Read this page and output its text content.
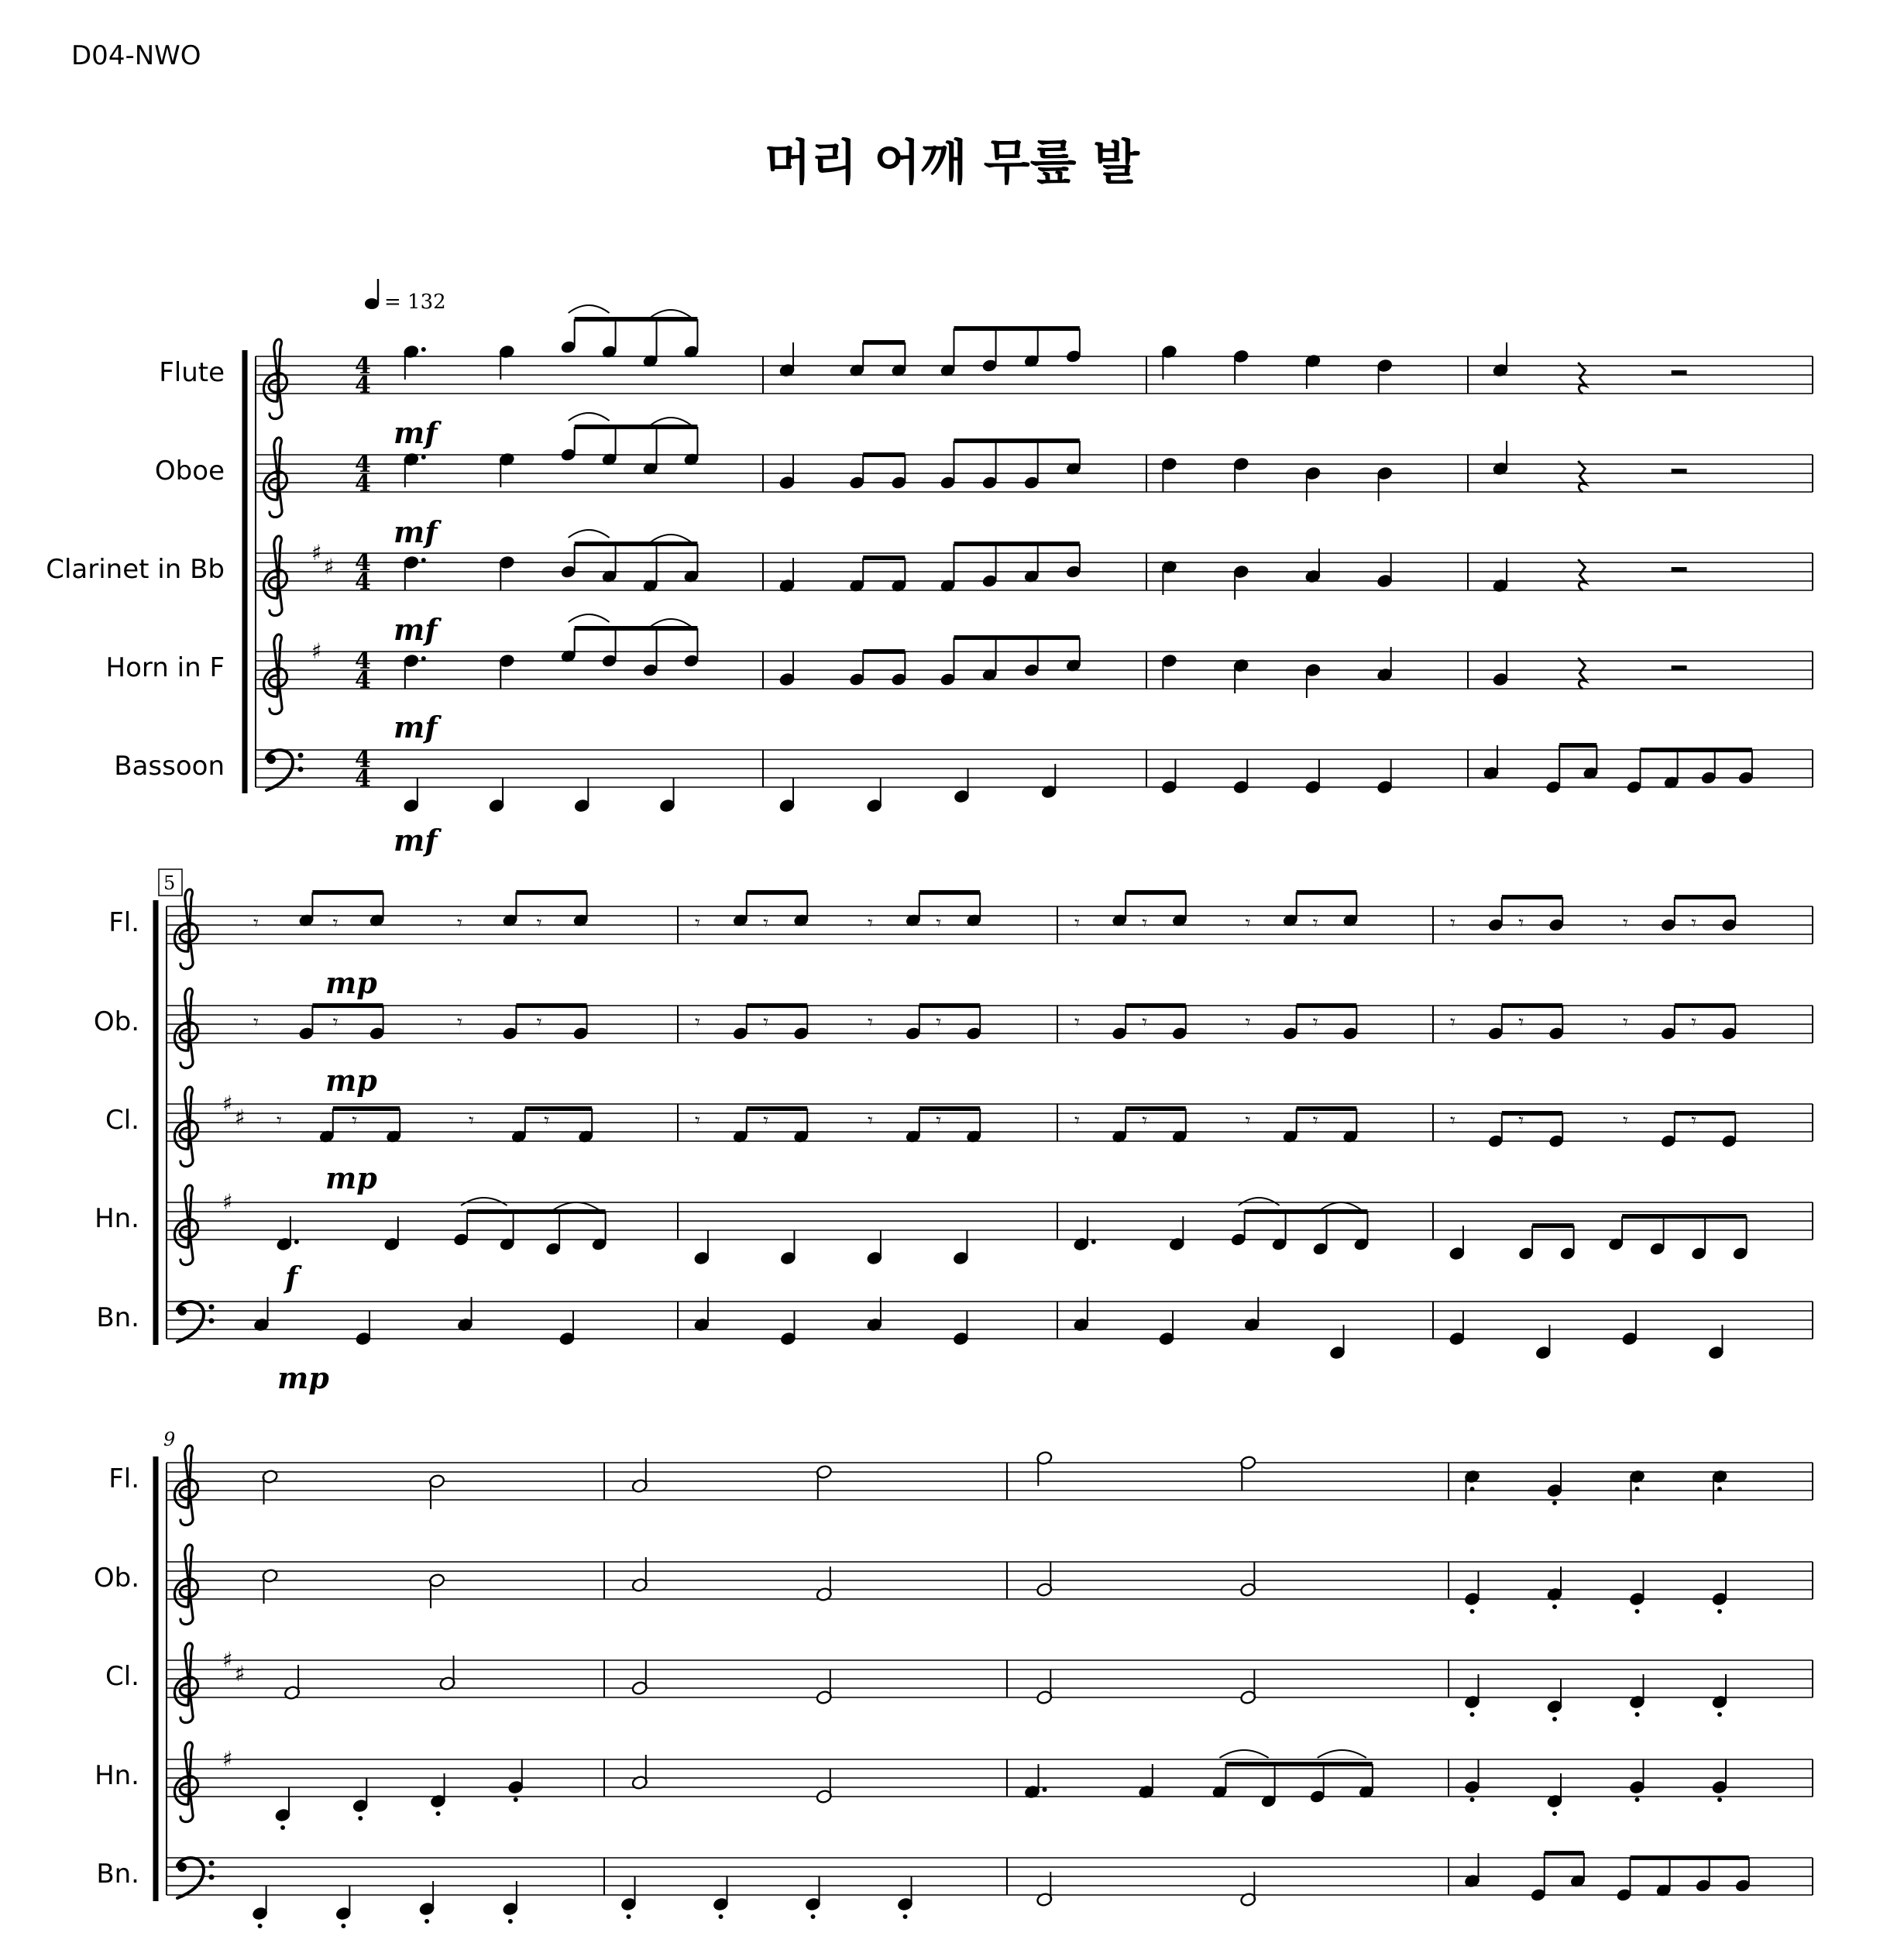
D04-NWO
머리 어깨 무릎 발
= 132
Flute	4
4
Oboe	4
4
Clarinet in Bb
♯
♯ 4
4
Horn in F
♯ 4
4
Bassoon	4
4
5
Fl.	𝄾	𝄾	𝄾	𝄾	𝄾	𝄾	𝄾	𝄾	𝄾	𝄾	𝄾	𝄾	𝄾	𝄾	𝄾	𝄾
Ob.	𝄾	𝄾	𝄾	𝄾	𝄾	𝄾	𝄾	𝄾	𝄾	𝄾	𝄾	𝄾	𝄾	𝄾	𝄾	𝄾
Cl.
♯
♯ 𝄾	𝄾	𝄾	𝄾	𝄾	𝄾	𝄾	𝄾	𝄾	𝄾	𝄾	𝄾	𝄾	𝄾	𝄾	𝄾
Hn.
♯
Bn.
9
Fl.
Ob.
Cl.
♯
♯
Hn.
♯
Bn.
mf
mf
mf
mf
mf
mp
mp
mp
f
mp
